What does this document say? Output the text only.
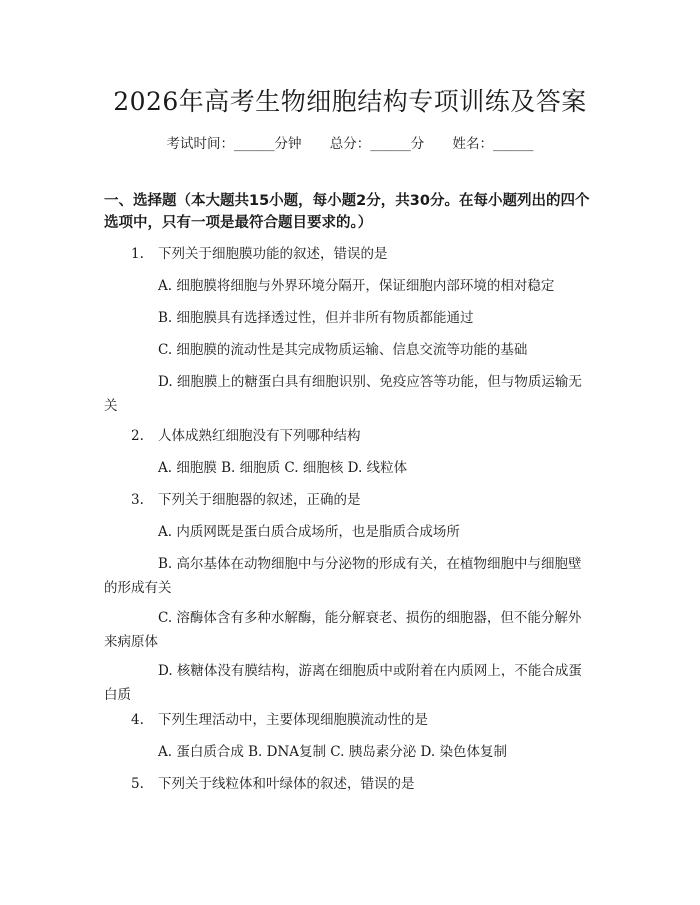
2026年高考生物细胞结构专项训练及答案
考试时间：______分钟 总分：______分 姓名：______
一、选择题（本大题共15小题，每小题2分，共30分。在每小题列出的四个选项中，只有一项是最符合题目要求的。）
1. 下列关于细胞膜功能的叙述，错误的是
A. 细胞膜将细胞与外界环境分隔开，保证细胞内部环境的相对稳定
B. 细胞膜具有选择透过性，但并非所有物质都能通过
C. 细胞膜的流动性是其完成物质运输、信息交流等功能的基础
D. 细胞膜上的糖蛋白具有细胞识别、免疫应答等功能，但与物质运输无关
2. 人体成熟红细胞没有下列哪种结构
A. 细胞膜 B. 细胞质 C. 细胞核 D. 线粒体
3. 下列关于细胞器的叙述，正确的是
A. 内质网既是蛋白质合成场所，也是脂质合成场所
B. 高尔基体在动物细胞中与分泌物的形成有关，在植物细胞中与细胞壁的形成有关
C. 溶酶体含有多种水解酶，能分解衰老、损伤的细胞器，但不能分解外来病原体
D. 核糖体没有膜结构，游离在细胞质中或附着在内质网上，不能合成蛋白质
4. 下列生理活动中，主要体现细胞膜流动性的是
A. 蛋白质合成 B. DNA复制 C. 胰岛素分泌 D. 染色体复制
5. 下列关于线粒体和叶绿体的叙述，错误的是
